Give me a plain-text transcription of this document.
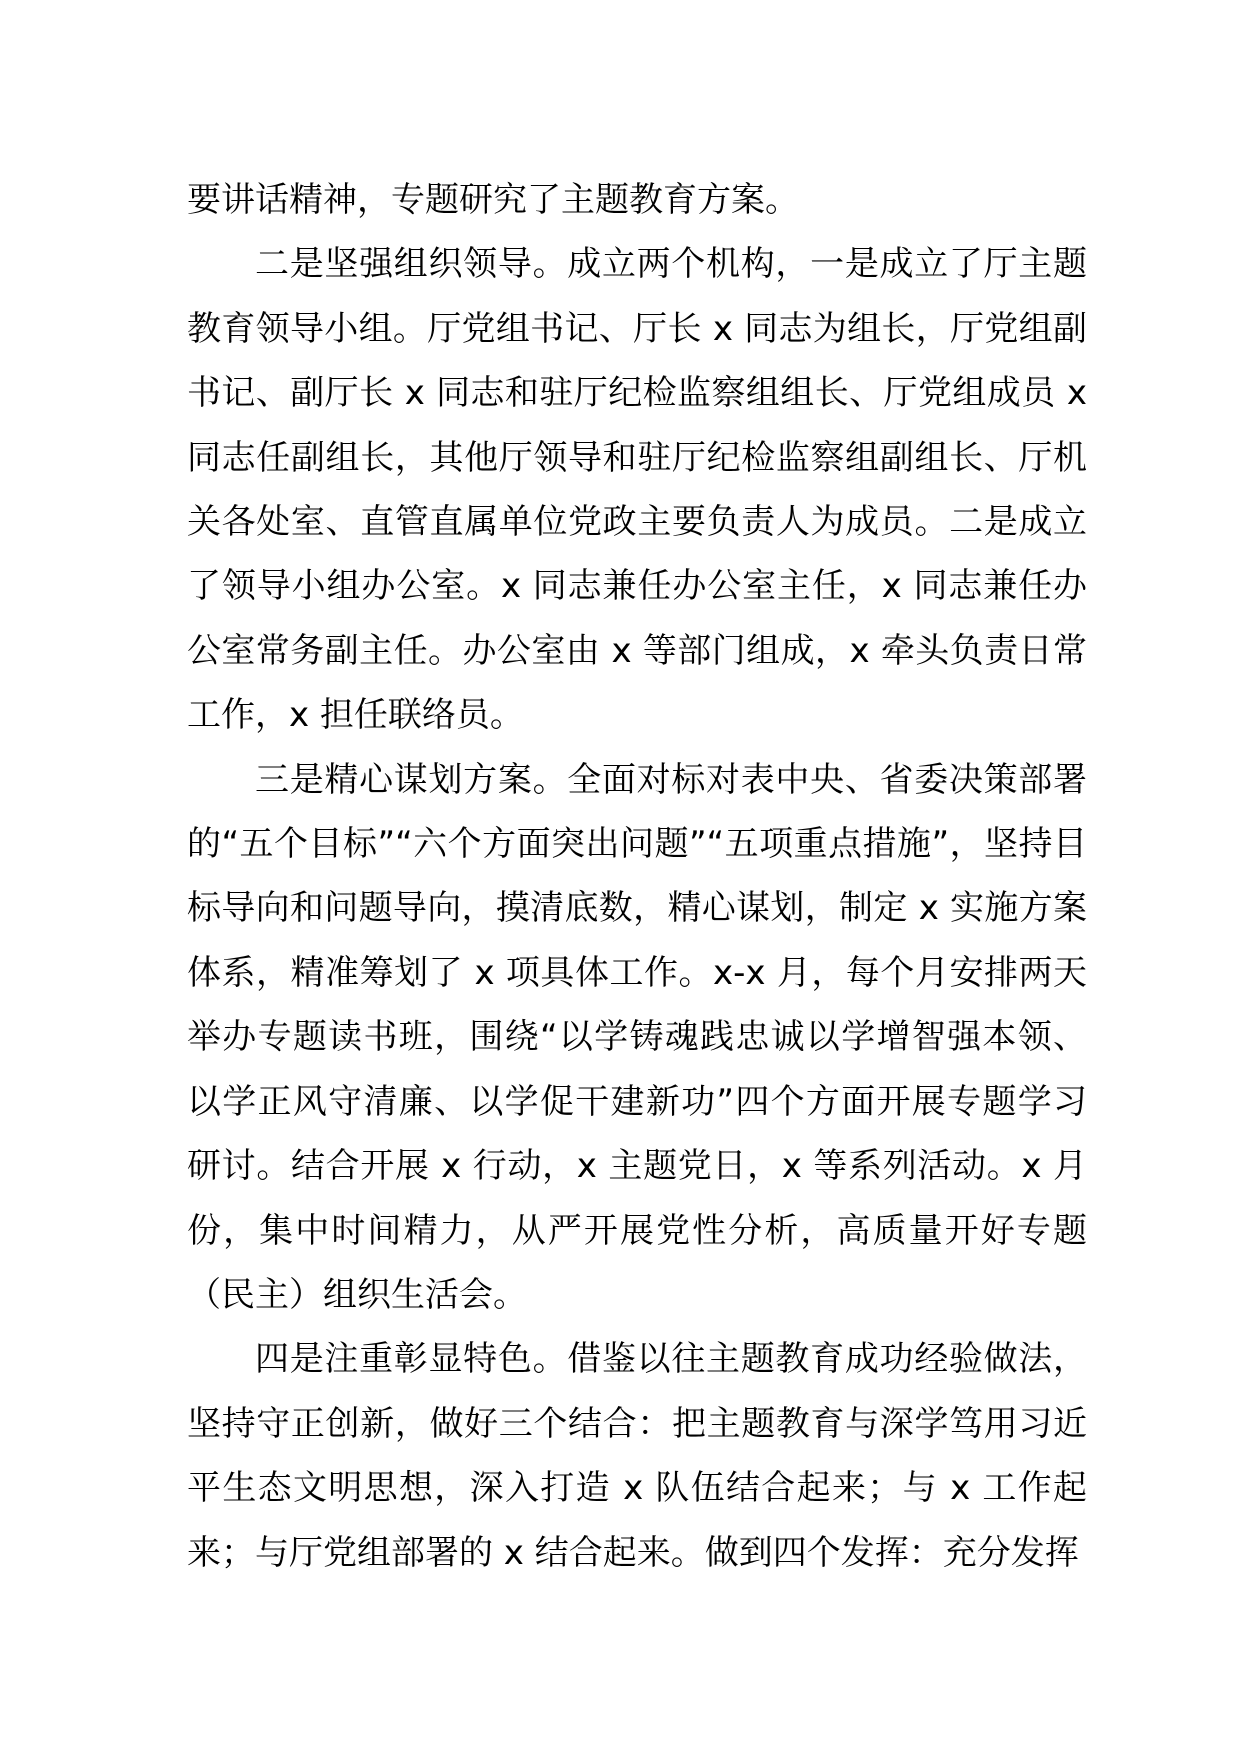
要讲话精神，专题研究了主题教育方案。

二是坚强组织领导。成立两个机构，一是成立了厅主题教育领导小组。厅党组书记、厅长 x 同志为组长，厅党组副书记、副厅长 x 同志和驻厅纪检监察组组长、厅党组成员 x 同志任副组长，其他厅领导和驻厅纪检监察组副组长、厅机关各处室、直管直属单位党政主要负责人为成员。二是成立了领导小组办公室。x 同志兼任办公室主任，x 同志兼任办公室常务副主任。办公室由 x 等部门组成，x 牵头负责日常工作，x 担任联络员。

三是精心谋划方案。全面对标对表中央、省委决策部署的“五个目标”“六个方面突出问题”“五项重点措施”，坚持目标导向和问题导向，摸清底数，精心谋划，制定 x 实施方案体系，精准筹划了 x 项具体工作。x-x 月，每个月安排两天举办专题读书班，围绕“以学铸魂践忠诚以学增智强本领、以学正风守清廉、以学促干建新功”四个方面开展专题学习研讨。结合开展 x 行动，x 主题党日，x 等系列活动。x 月份，集中时间精力，从严开展党性分析，高质量开好专题（民主）组织生活会。

四是注重彰显特色。借鉴以往主题教育成功经验做法，坚持守正创新，做好三个结合：把主题教育与深学笃用习近平生态文明思想，深入打造 x 队伍结合起来；与 x 工作起来；与厅党组部署的 x 结合起来。做到四个发挥：充分发挥
